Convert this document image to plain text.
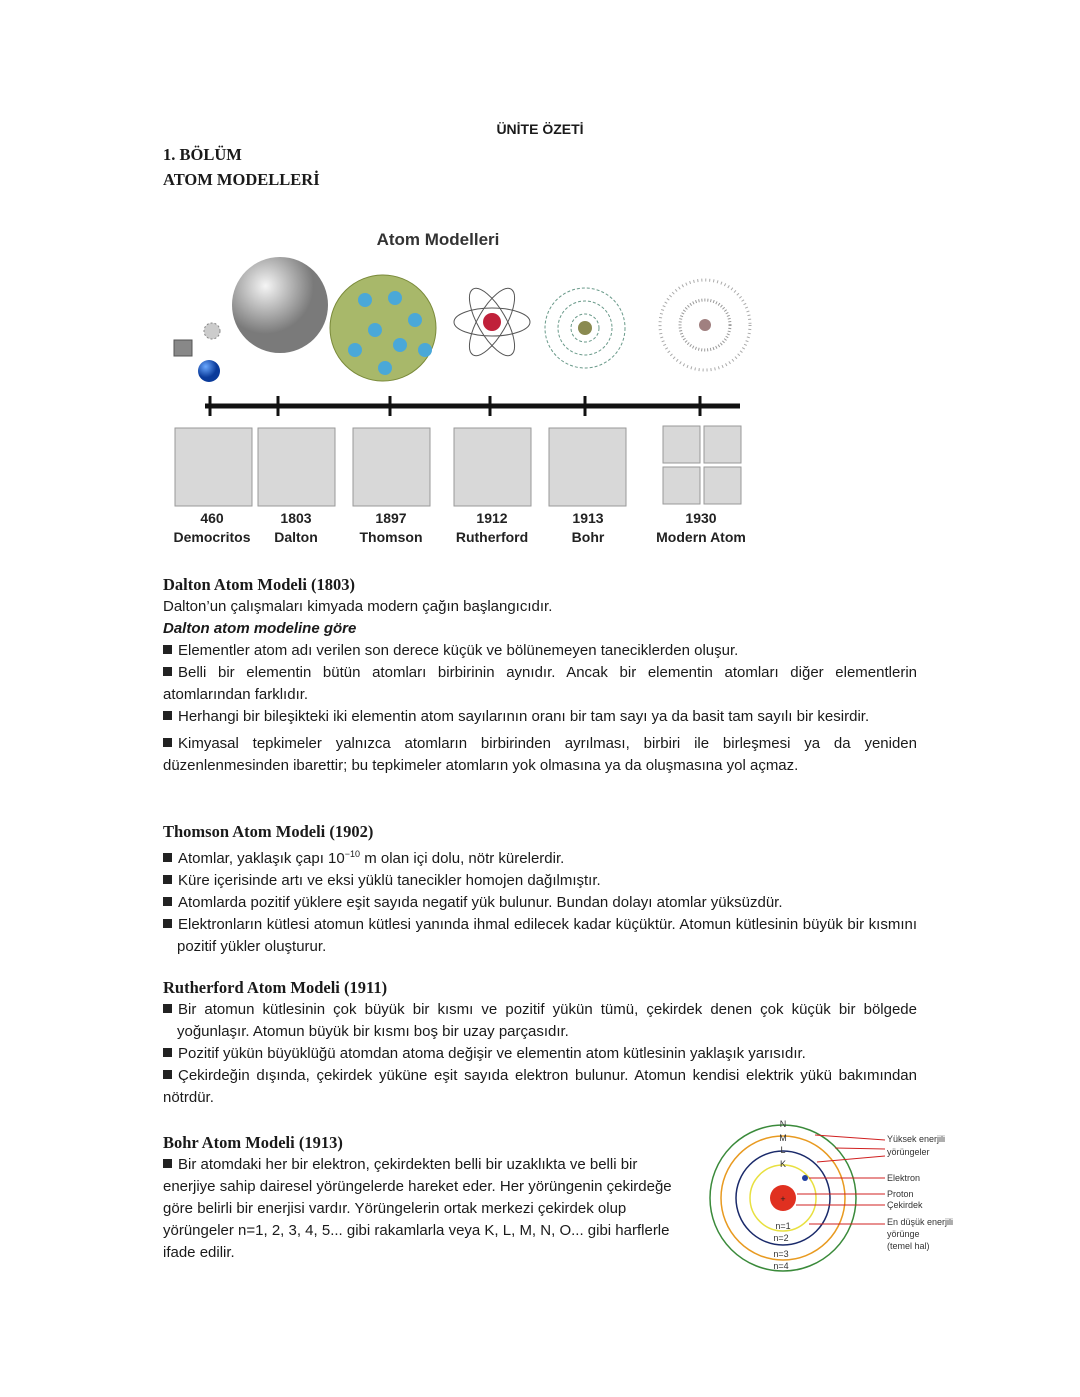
ÜNİTE ÖZETİ
1. BÖLÜM
ATOM MODELLERİ
Atom Modelleri
460
Democritos
1803
Dalton
1897
Thomson
1912
Rutherford
1913
Bohr
1930
Modern Atom

Dalton Atom Modeli (1803)

Dalton’un çalışmaları kimyada modern çağın başlangıcıdır.

Dalton atom modeline göre

Elementler atom adı verilen son derece küçük ve bölünemeyen taneciklerden oluşur.

Belli bir elementin bütün atomları birbirinin aynıdır. Ancak bir elementin atomları diğer elementlerin atomlarından farklıdır.

Herhangi bir bileşikteki iki elementin atom sayılarının oranı bir tam sayı ya da basit tam sayılı bir kesirdir.

Kimyasal tepkimeler yalnızca atomların birbirinden ayrılması, birbiri ile birleşmesi ya da yeniden düzenlenmesinden ibarettir; bu tepkimeler atomların yok olmasına ya da oluşmasına yol açmaz.

Thomson Atom Modeli (1902)

Atomlar, yaklaşık çapı $10^{-10}$ m olan içi dolu, nötr kürelerdir.

Küre içerisinde artı ve eksi yüklü tanecikler homojen dağılmıştır.

Atomlarda pozitif yüklere eşit sayıda negatif yük bulunur. Bundan dolayı atomlar yüksüzdür.

Elektronların kütlesi atomun kütlesi yanında ihmal edilecek kadar küçüktür. Atomun kütlesinin büyük bir kısmını pozitif yükler oluşturur.

Rutherford Atom Modeli (1911)

Bir atomun kütlesinin çok büyük bir kısmı ve pozitif yükün tümü, çekirdek denen çok küçük bir bölgede yoğunlaşır. Atomun büyük bir kısmı boş bir uzay parçasıdır.

Pozitif yükün büyüklüğü atomdan atoma değişir ve elementin atom kütlesinin yaklaşık yarısıdır.

Çekirdeğin dışında, çekirdek yüküne eşit sayıda elektron bulunur. Atomun kendisi elektrik yükü bakımından nötrdür.

Bohr Atom Modeli (1913)

Bir atomdaki her bir elektron, çekirdekten belli bir uzaklıkta ve belli bir enerjiye sahip dairesel yörüngelerde hareket eder. Her yörüngenin çekirdeğe göre belirli bir enerjisi vardır. Yörüngelerin ortak merkezi çekirdek olup yörüngeler n=1, 2, 3, 4, 5... gibi rakamlarla veya K, L, M, N, O... gibi harflerle ifade edilir.

+
K
L
M
N
n=1
n=2
n=3
n=4
Yüksek enerjili
yörüngeler
Elektron
Proton
Çekirdek
En düşük enerjili
yörünge
(temel hal)
